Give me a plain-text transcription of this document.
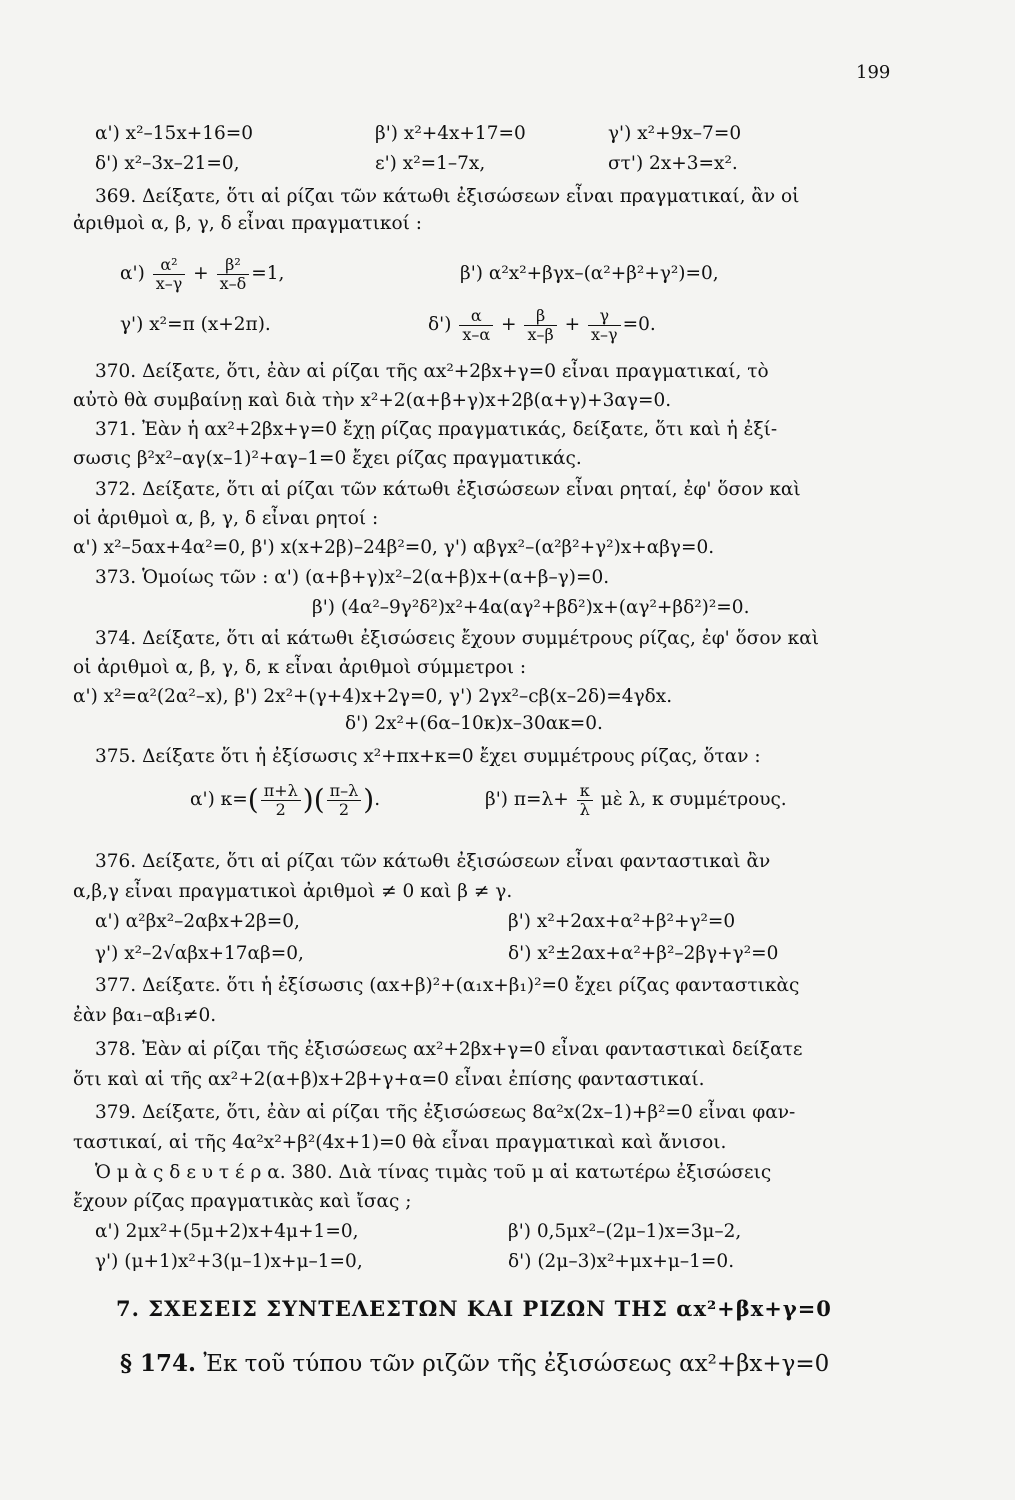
199
α') x²–15x+16=0	β') x²+4x+17=0	γ') x²+9x–7=0
δ') x²–3x–21=0,	ε') x²=1–7x,	στ') 2x+3=x².
369. Δείξατε, ὅτι αἱ ρίζαι τῶν κάτωθι ἐξισώσεων εἶναι πραγματικαί, ἂν οἱ
ἀριθμοὶ α, β, γ, δ εἶναι πραγματικοί :
$\alpha') \frac{\text{α²}}{x-\gamma} + \frac{\text{β²}}{x-\delta} =1$,	β') α²x²+βγx–(α²+β²+γ²)=0,
γ') x²=π (x+2π).	$\delta') \frac{\alpha}{x-\alpha} + \frac{\beta}{x-\beta} + \frac{\gamma}{x-\gamma} =0$.
370. Δείξατε, ὅτι, ἐὰν αἱ ρίζαι τῆς αx²+2βx+γ=0 εἶναι πραγματικαί, τὸ
αὐτὸ θὰ συμβαίνῃ καὶ διὰ τὴν x²+2(α+β+γ)x+2β(α+γ)+3αγ=0.
371. Ἐὰν ἡ αx²+2βx+γ=0 ἔχῃ ρίζας πραγματικάς, δείξατε, ὅτι καὶ ἡ ἐξί-
σωσις β²x²–αγ(x–1)²+αγ–1=0 ἔχει ρίζας πραγματικάς.
372. Δείξατε, ὅτι αἱ ρίζαι τῶν κάτωθι ἐξισώσεων εἶναι ρηταί, ἐφ' ὅσον καὶ
οἱ ἀριθμοὶ α, β, γ, δ εἶναι ρητοί :
α') x²–5αx+4α²=0, β') x(x+2β)–24β²=0, γ') αβγx²–(α²β²+γ²)x+αβγ=0.
373. Ὁμοίως τῶν : α') (α+β+γ)x²–2(α+β)x+(α+β–γ)=0.
β') (4α²–9γ²δ²)x²+4α(αγ²+βδ²)x+(αγ²+βδ²)²=0.
374. Δείξατε, ὅτι αἱ κάτωθι ἐξισώσεις ἔχουν συμμέτρους ρίζας, ἐφ' ὅσον καὶ
οἱ ἀριθμοὶ α, β, γ, δ, κ εἶναι ἀριθμοὶ σύμμετροι :
α') x²=α²(2α²–x), β') 2x²+(γ+4)x+2γ=0, γ') 2γx²–cβ(x–2δ)=4γδx.
δ') 2x²+(6α–10κ)x–30ακ=0.
375. Δείξατε ὅτι ἡ ἐξίσωσις x²+πx+κ=0 ἔχει συμμέτρους ρίζας, ὅταν :
α') $\kappa=( \frac{\pi+\lambda}{2}$ )( $\frac{\pi-\lambda}{2}$ ).	β') $\pi=\lambda+ \frac{\kappa}{\lambda}$ μὲ λ, κ συμμέτρους.
376. Δείξατε, ὅτι αἱ ρίζαι τῶν κάτωθι ἐξισώσεων εἶναι φανταστικαὶ ἂν
α,β,γ εἶναι πραγματικοὶ ἀριθμοὶ ≠ 0 καὶ β ≠ γ.
α') α²βx²–2αβx+2β=0,	β') x²+2αx+α²+β²+γ²=0
γ') x²–2√αβx+17αβ=0,	δ') x²±2αx+α²+β²–2βγ+γ²=0
377. Δείξατε. ὅτι ἡ ἐξίσωσις (αx+β)²+(α₁x+β₁)²=0 ἔχει ρίζας φανταστικὰς
ἐὰν βα₁–αβ₁≠0.
378. Ἐὰν αἱ ρίζαι τῆς ἐξισώσεως αx²+2βx+γ=0 εἶναι φανταστικαὶ δείξατε
ὅτι καὶ αἱ τῆς αx²+2(α+β)x+2β+γ+α=0 εἶναι ἐπίσης φανταστικαί.
379. Δείξατε, ὅτι, ἐὰν αἱ ρίζαι τῆς ἐξισώσεως 8α²x(2x–1)+β²=0 εἶναι φαν-
ταστικαί, αἱ τῆς 4α²x²+β²(4x+1)=0 θὰ εἶναι πραγματικαὶ καὶ ἄνισοι.
Ὁ μ ὰ ς δ ε υ τ έ ρ α. 380. Διὰ τίνας τιμὰς τοῦ μ αἱ κατωτέρω ἐξισώσεις
ἔχουν ρίζας πραγματικὰς καὶ ἴσας ;
α') 2μx²+(5μ+2)x+4μ+1=0,	β') 0,5μx²–(2μ–1)x=3μ–2,
γ') (μ+1)x²+3(μ–1)x+μ–1=0,	δ') (2μ–3)x²+μx+μ–1=0.
7. ΣΧΕΣΕΙΣ ΣΥΝΤΕΛΕΣΤΩΝ ΚΑΙ ΡΙΖΩΝ ΤΗΣ αx²+βx+γ=0
§ 174. Ἐκ τοῦ τύπου τῶν ριζῶν τῆς ἐξισώσεως αx²+βx+γ=0
